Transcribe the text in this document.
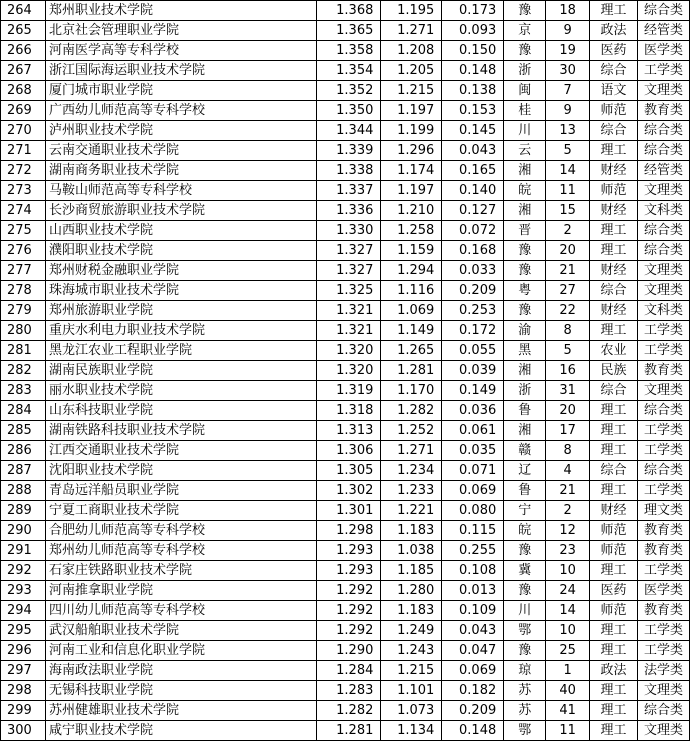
264	郑州职业技术学院	1.368	1.195	0.173	豫	18	理工	综合类
265	北京社会管理职业学院	1.365	1.271	0.093	京	9	政法	经管类
266	河南医学高等专科学校	1.358	1.208	0.150	豫	19	医药	医学类
267	浙江国际海运职业技术学院	1.354	1.205	0.148	浙	30	综合	工学类
268	厦门城市职业学院	1.352	1.215	0.138	闽	7	语文	文理类
269	广西幼儿师范高等专科学校	1.350	1.197	0.153	桂	9	师范	教育类
270	泸州职业技术学院	1.344	1.199	0.145	川	13	综合	综合类
271	云南交通职业技术学院	1.339	1.296	0.043	云	5	理工	综合类
272	湖南商务职业技术学院	1.338	1.174	0.165	湘	14	财经	经管类
273	马鞍山师范高等专科学校	1.337	1.197	0.140	皖	11	师范	文理类
274	长沙商贸旅游职业技术学院	1.336	1.210	0.127	湘	15	财经	文科类
275	山西职业技术学院	1.330	1.258	0.072	晋	2	理工	综合类
276	濮阳职业技术学院	1.327	1.159	0.168	豫	20	理工	综合类
277	郑州财税金融职业学院	1.327	1.294	0.033	豫	21	财经	文理类
278	珠海城市职业技术学院	1.325	1.116	0.209	粤	27	综合	文理类
279	郑州旅游职业学院	1.321	1.069	0.253	豫	22	财经	文科类
280	重庆水利电力职业技术学院	1.321	1.149	0.172	渝	8	理工	工学类
281	黑龙江农业工程职业学院	1.320	1.265	0.055	黑	5	农业	工学类
282	湖南民族职业学院	1.320	1.281	0.039	湘	16	民族	教育类
283	丽水职业技术学院	1.319	1.170	0.149	浙	31	综合	文理类
284	山东科技职业学院	1.318	1.282	0.036	鲁	20	理工	综合类
285	湖南铁路科技职业技术学院	1.313	1.252	0.061	湘	17	理工	工学类
286	江西交通职业技术学院	1.306	1.271	0.035	赣	8	理工	工学类
287	沈阳职业技术学院	1.305	1.234	0.071	辽	4	综合	综合类
288	青岛远洋船员职业学院	1.302	1.233	0.069	鲁	21	理工	工学类
289	宁夏工商职业技术学院	1.301	1.221	0.080	宁	2	财经	理文类
290	合肥幼儿师范高等专科学校	1.298	1.183	0.115	皖	12	师范	教育类
291	郑州幼儿师范高等专科学校	1.293	1.038	0.255	豫	23	师范	教育类
292	石家庄铁路职业技术学院	1.293	1.185	0.108	冀	10	理工	工学类
293	河南推拿职业学院	1.292	1.280	0.013	豫	24	医药	医学类
294	四川幼儿师范高等专科学校	1.292	1.183	0.109	川	14	师范	教育类
295	武汉船舶职业技术学院	1.292	1.249	0.043	鄂	10	理工	工学类
296	河南工业和信息化职业学院	1.290	1.243	0.047	豫	25	理工	工学类
297	海南政法职业学院	1.284	1.215	0.069	琼	1	政法	法学类
298	无锡科技职业学院	1.283	1.101	0.182	苏	40	理工	文理类
299	苏州健雄职业技术学院	1.282	1.073	0.209	苏	41	理工	综合类
300	咸宁职业技术学院	1.281	1.134	0.148	鄂	11	理工	文理类
